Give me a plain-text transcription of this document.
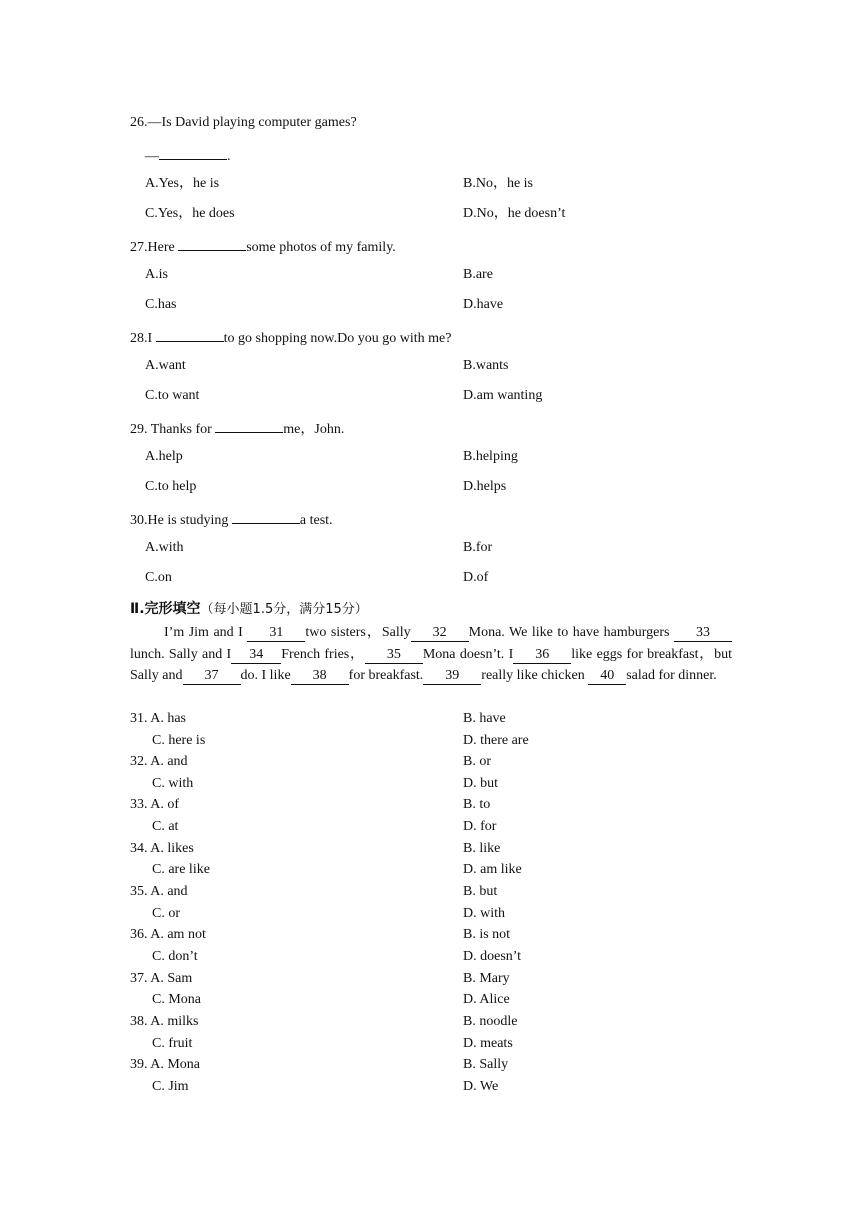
26.—Is David playing computer games?
—	.
A.Yes，he is	B.No，he is
C.Yes，he does	D.No，he doesn’t
27.Here	some photos of my family.
A.is	B.are
C.has	D.have
28.I	to go shopping now.Do you go with me?
A.want	B.wants
C.to want	D.am wanting
29. Thanks for	me，John.
A.help	B.helping
C.to help	D.helps
30.He is studying	a test.
A.with	B.for
C.on	D.of
Ⅱ.完形填空（每小题1.5分，满分15分）
I’m Jim and I 31 two sisters，Sally 32 Mona. We like to have hamburgers 33lunch. Sally and I 34 French fries， 35 Mona doesn’t. I 36 like eggs for breakfast，but Sally and 37 do. I like 38 for breakfast. 39 really like chicken 40 salad for dinner.
31. A. has	B. have
C. here is	D. there are
32. A. and	B. or
C. with	D. but
33. A. of	B. to
C. at	D. for
34. A. likes	B. like
C. are like	D. am like
35. A. and	B. but
C. or	D. with
36. A. am not	B. is not
C. don’t	D. doesn’t
37. A. Sam	B. Mary
C. Mona	D. Alice
38. A. milks	B. noodle
C. fruit	D. meats
39. A. Mona	B. Sally
C. Jim	D. We
